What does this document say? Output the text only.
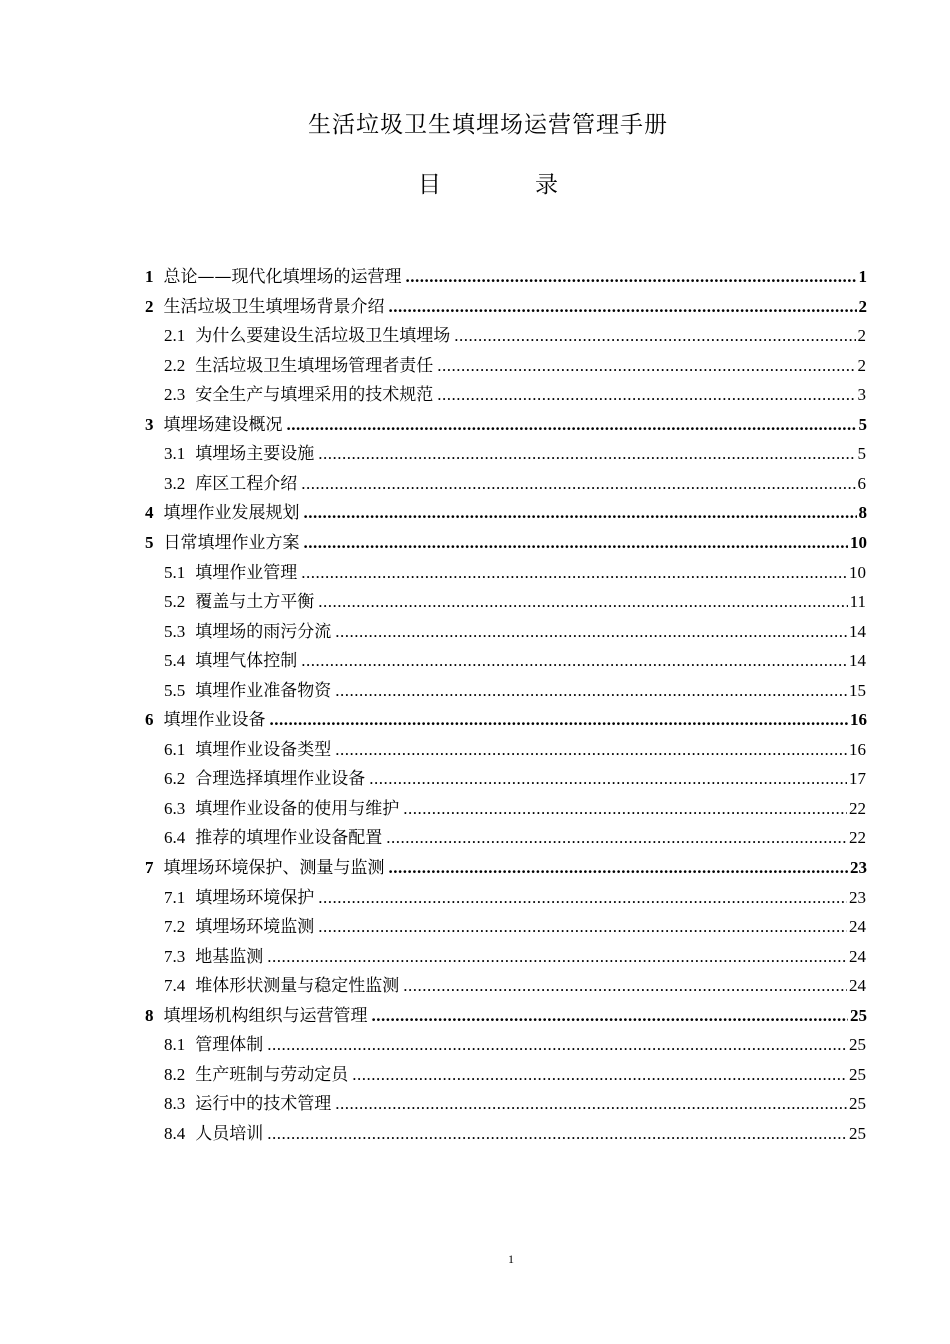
生活垃圾卫生填埋场运营管理手册
目	录
1 总论——现代化填埋场的运营理 .....	1
2 生活垃圾卫生填埋场背景介绍 .....	2
2.1 为什么要建设生活垃圾卫生填埋场 .....	2
2.2 生活垃圾卫生填埋场管理者责任 .....	2
2.3 安全生产与填埋采用的技术规范 .....	3
3 填埋场建设概况 .....	5
3.1 填埋场主要设施 .....	5
3.2 库区工程介绍 .....	6
4 填埋作业发展规划 .....	8
5 日常填埋作业方案 .....	10
5.1 填埋作业管理 .....	10
5.2 覆盖与土方平衡 .....	11
5.3 填埋场的雨污分流 .....	14
5.4 填埋气体控制 .....	14
5.5 填埋作业准备物资 .....	15
6 填埋作业设备 .....	16
6.1 填埋作业设备类型 .....	16
6.2 合理选择填埋作业设备 .....	17
6.3 填埋作业设备的使用与维护 .....	22
6.4 推荐的填埋作业设备配置 .....	22
7 填埋场环境保护、测量与监测 .....	23
7.1 填埋场环境保护 .....	23
7.2 填埋场环境监测 .....	24
7.3 地基监测 .....	24
7.4 堆体形状测量与稳定性监测 .....	24
8 填埋场机构组织与运营管理 .....	25
8.1 管理体制 .....	25
8.2 生产班制与劳动定员 .....	25
8.3 运行中的技术管理 .....	25
8.4 人员培训 .....	25
1
